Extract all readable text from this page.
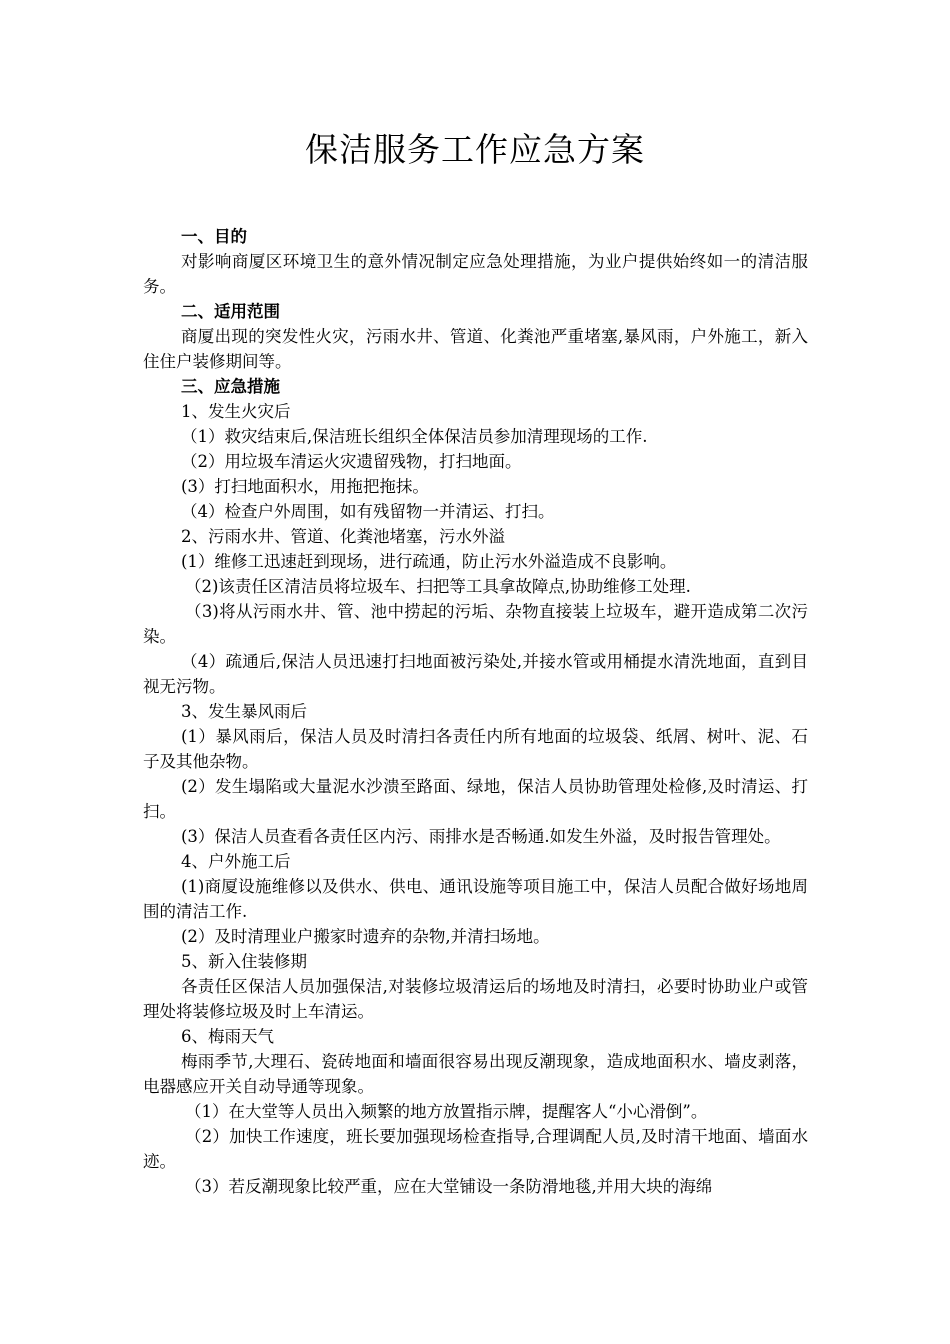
保洁服务工作应急方案

一、目的

对影响商厦区环境卫生的意外情况制定应急处理措施，为业户提供始终如一的清洁服务。

二、适用范围

商厦出现的突发性火灾，污雨水井、管道、化粪池严重堵塞,暴风雨，户外施工，新入住住户装修期间等。

三、应急措施

1、发生火灾后

（1）救灾结束后,保洁班长组织全体保洁员参加清理现场的工作.

（2）用垃圾车清运火灾遗留残物，打扫地面。

(3）打扫地面积水，用拖把拖抹。

（4）检查户外周围，如有残留物一并清运、打扫。

2、污雨水井、管道、化粪池堵塞，污水外溢

(1）维修工迅速赶到现场，进行疏通，防止污水外溢造成不良影响。

（2)该责任区清洁员将垃圾车、扫把等工具拿故障点,协助维修工处理.

（3)将从污雨水井、管、池中捞起的污垢、杂物直接装上垃圾车，避开造成第二次污染。

（4）疏通后,保洁人员迅速打扫地面被污染处,并接水管或用桶提水清洗地面，直到目视无污物。

3、发生暴风雨后

(1）暴风雨后，保洁人员及时清扫各责任内所有地面的垃圾袋、纸屑、树叶、泥、石子及其他杂物。

(2）发生塌陷或大量泥水沙溃至路面、绿地，保洁人员协助管理处检修,及时清运、打扫。

(3）保洁人员查看各责任区内污、雨排水是否畅通.如发生外溢，及时报告管理处。

4、户外施工后

(1)商厦设施维修以及供水、供电、通讯设施等项目施工中，保洁人员配合做好场地周围的清洁工作.

(2）及时清理业户搬家时遗弃的杂物,并清扫场地。

5、新入住装修期

各责任区保洁人员加强保洁,对装修垃圾清运后的场地及时清扫，必要时协助业户或管理处将装修垃圾及时上车清运。

6、梅雨天气

梅雨季节,大理石、瓷砖地面和墙面很容易出现反潮现象，造成地面积水、墙皮剥落，电器感应开关自动导通等现象。

（1）在大堂等人员出入频繁的地方放置指示牌，提醒客人“小心滑倒”。

（2）加快工作速度，班长要加强现场检查指导,合理调配人员,及时清干地面、墙面水迹。

（3）若反潮现象比较严重，应在大堂铺设一条防滑地毯,并用大块的海绵
